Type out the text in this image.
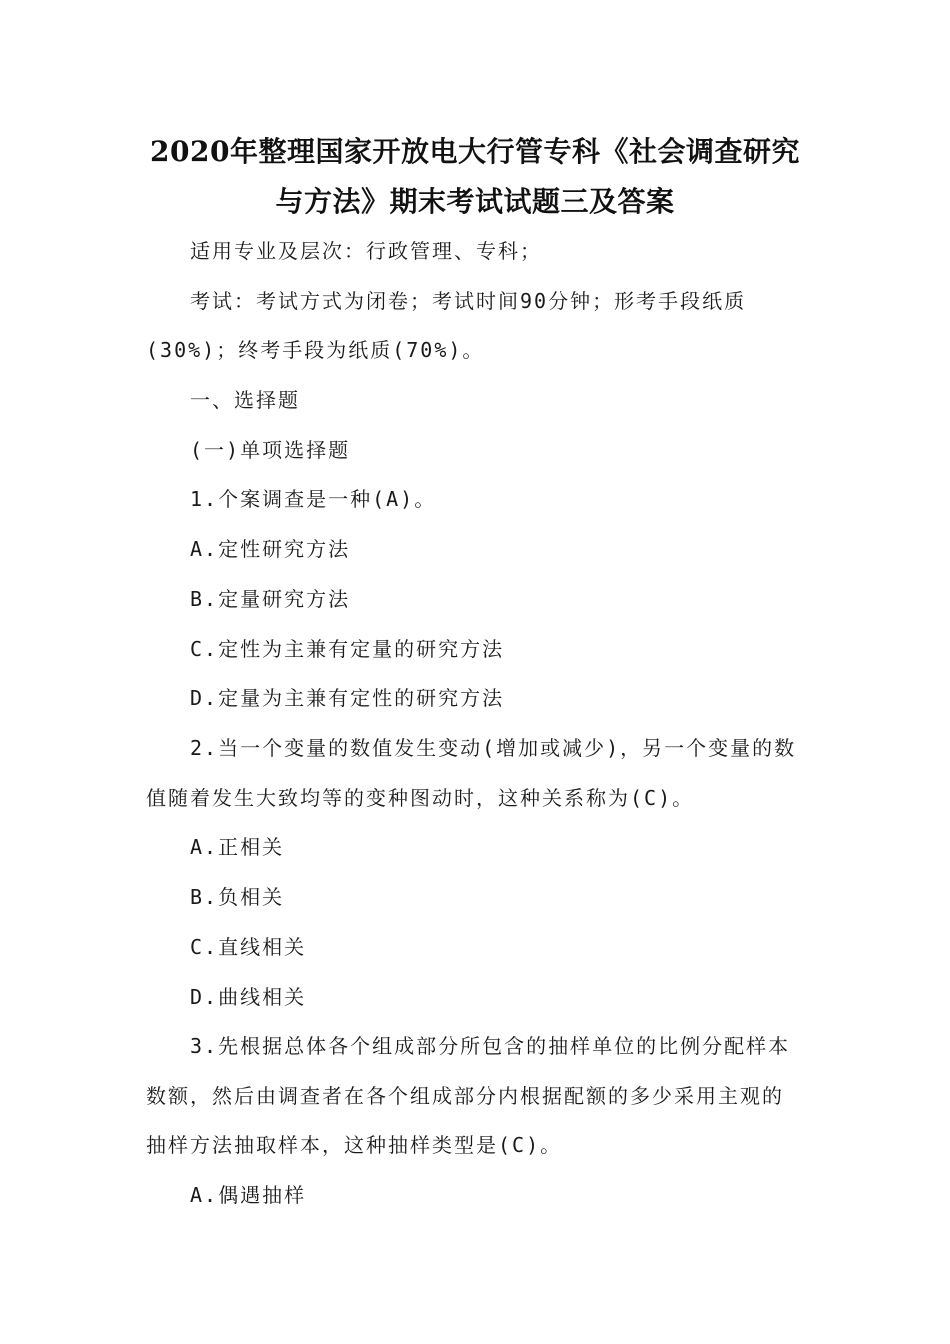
2020年整理国家开放电大行管专科《社会调查研究
与方法》期末考试试题三及答案
适用专业及层次：行政管理、专科；
考试：考试方式为闭卷；考试时间90分钟；形考手段纸质
(30%)；终考手段为纸质(70%)。
一、选择题
(一)单项选择题
1.个案调查是一种(A)。
A.定性研究方法
B.定量研究方法
C.定性为主兼有定量的研究方法
D.定量为主兼有定性的研究方法
2.当一个变量的数值发生变动(增加或减少)，另一个变量的数
值随着发生大致均等的变种图动时，这种关系称为(C)。
A.正相关
B.负相关
C.直线相关
D.曲线相关
3.先根据总体各个组成部分所包含的抽样单位的比例分配样本
数额，然后由调查者在各个组成部分内根据配额的多少采用主观的
抽样方法抽取样本，这种抽样类型是(C)。
A.偶遇抽样
